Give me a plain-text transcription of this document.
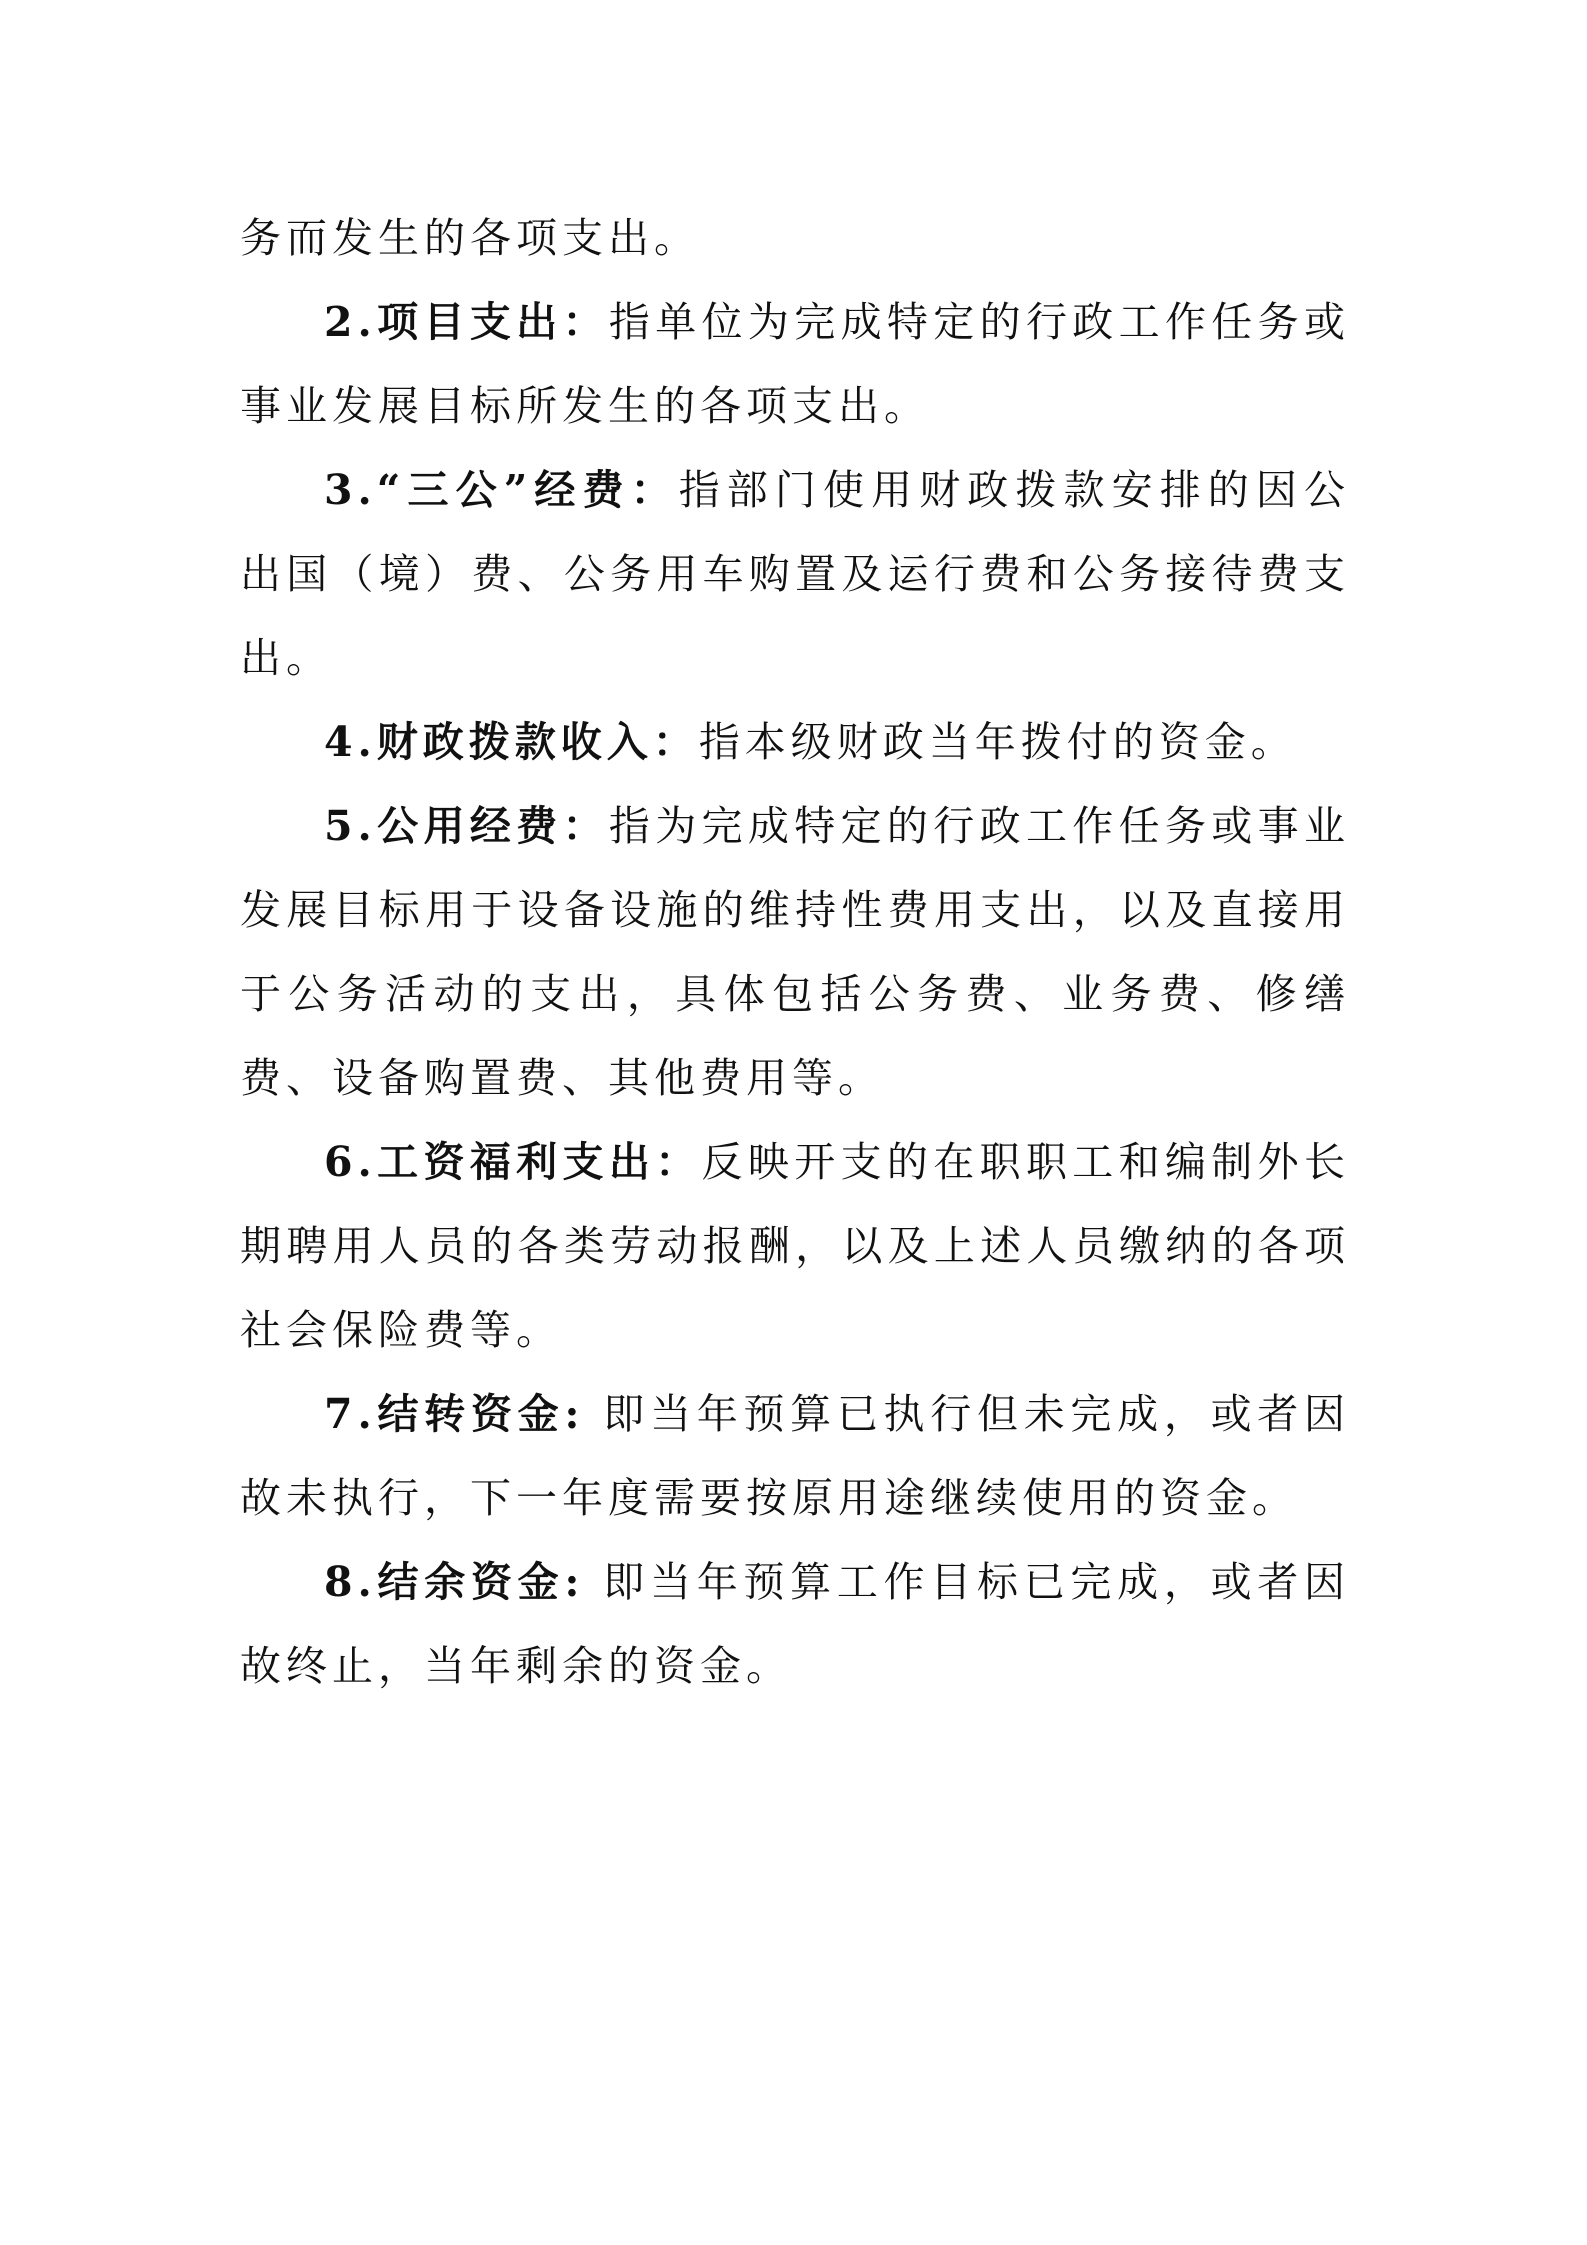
务而发生的各项支出。

2.项目支出：指单位为完成特定的行政工作任务或事业发展目标所发生的各项支出。

3.“三公”经费：指部门使用财政拨款安排的因公出国（境）费、公务用车购置及运行费和公务接待费支出。

4.财政拨款收入：指本级财政当年拨付的资金。

5.公用经费：指为完成特定的行政工作任务或事业发展目标用于设备设施的维持性费用支出，以及直接用于公务活动的支出，具体包括公务费、业务费、修缮费、设备购置费、其他费用等。

6.工资福利支出：反映开支的在职职工和编制外长期聘用人员的各类劳动报酬，以及上述人员缴纳的各项社会保险费等。

7.结转资金: 即当年预算已执行但未完成，或者因故未执行，下一年度需要按原用途继续使用的资金。

8.结余资金: 即当年预算工作目标已完成，或者因故终止，当年剩余的资金。
